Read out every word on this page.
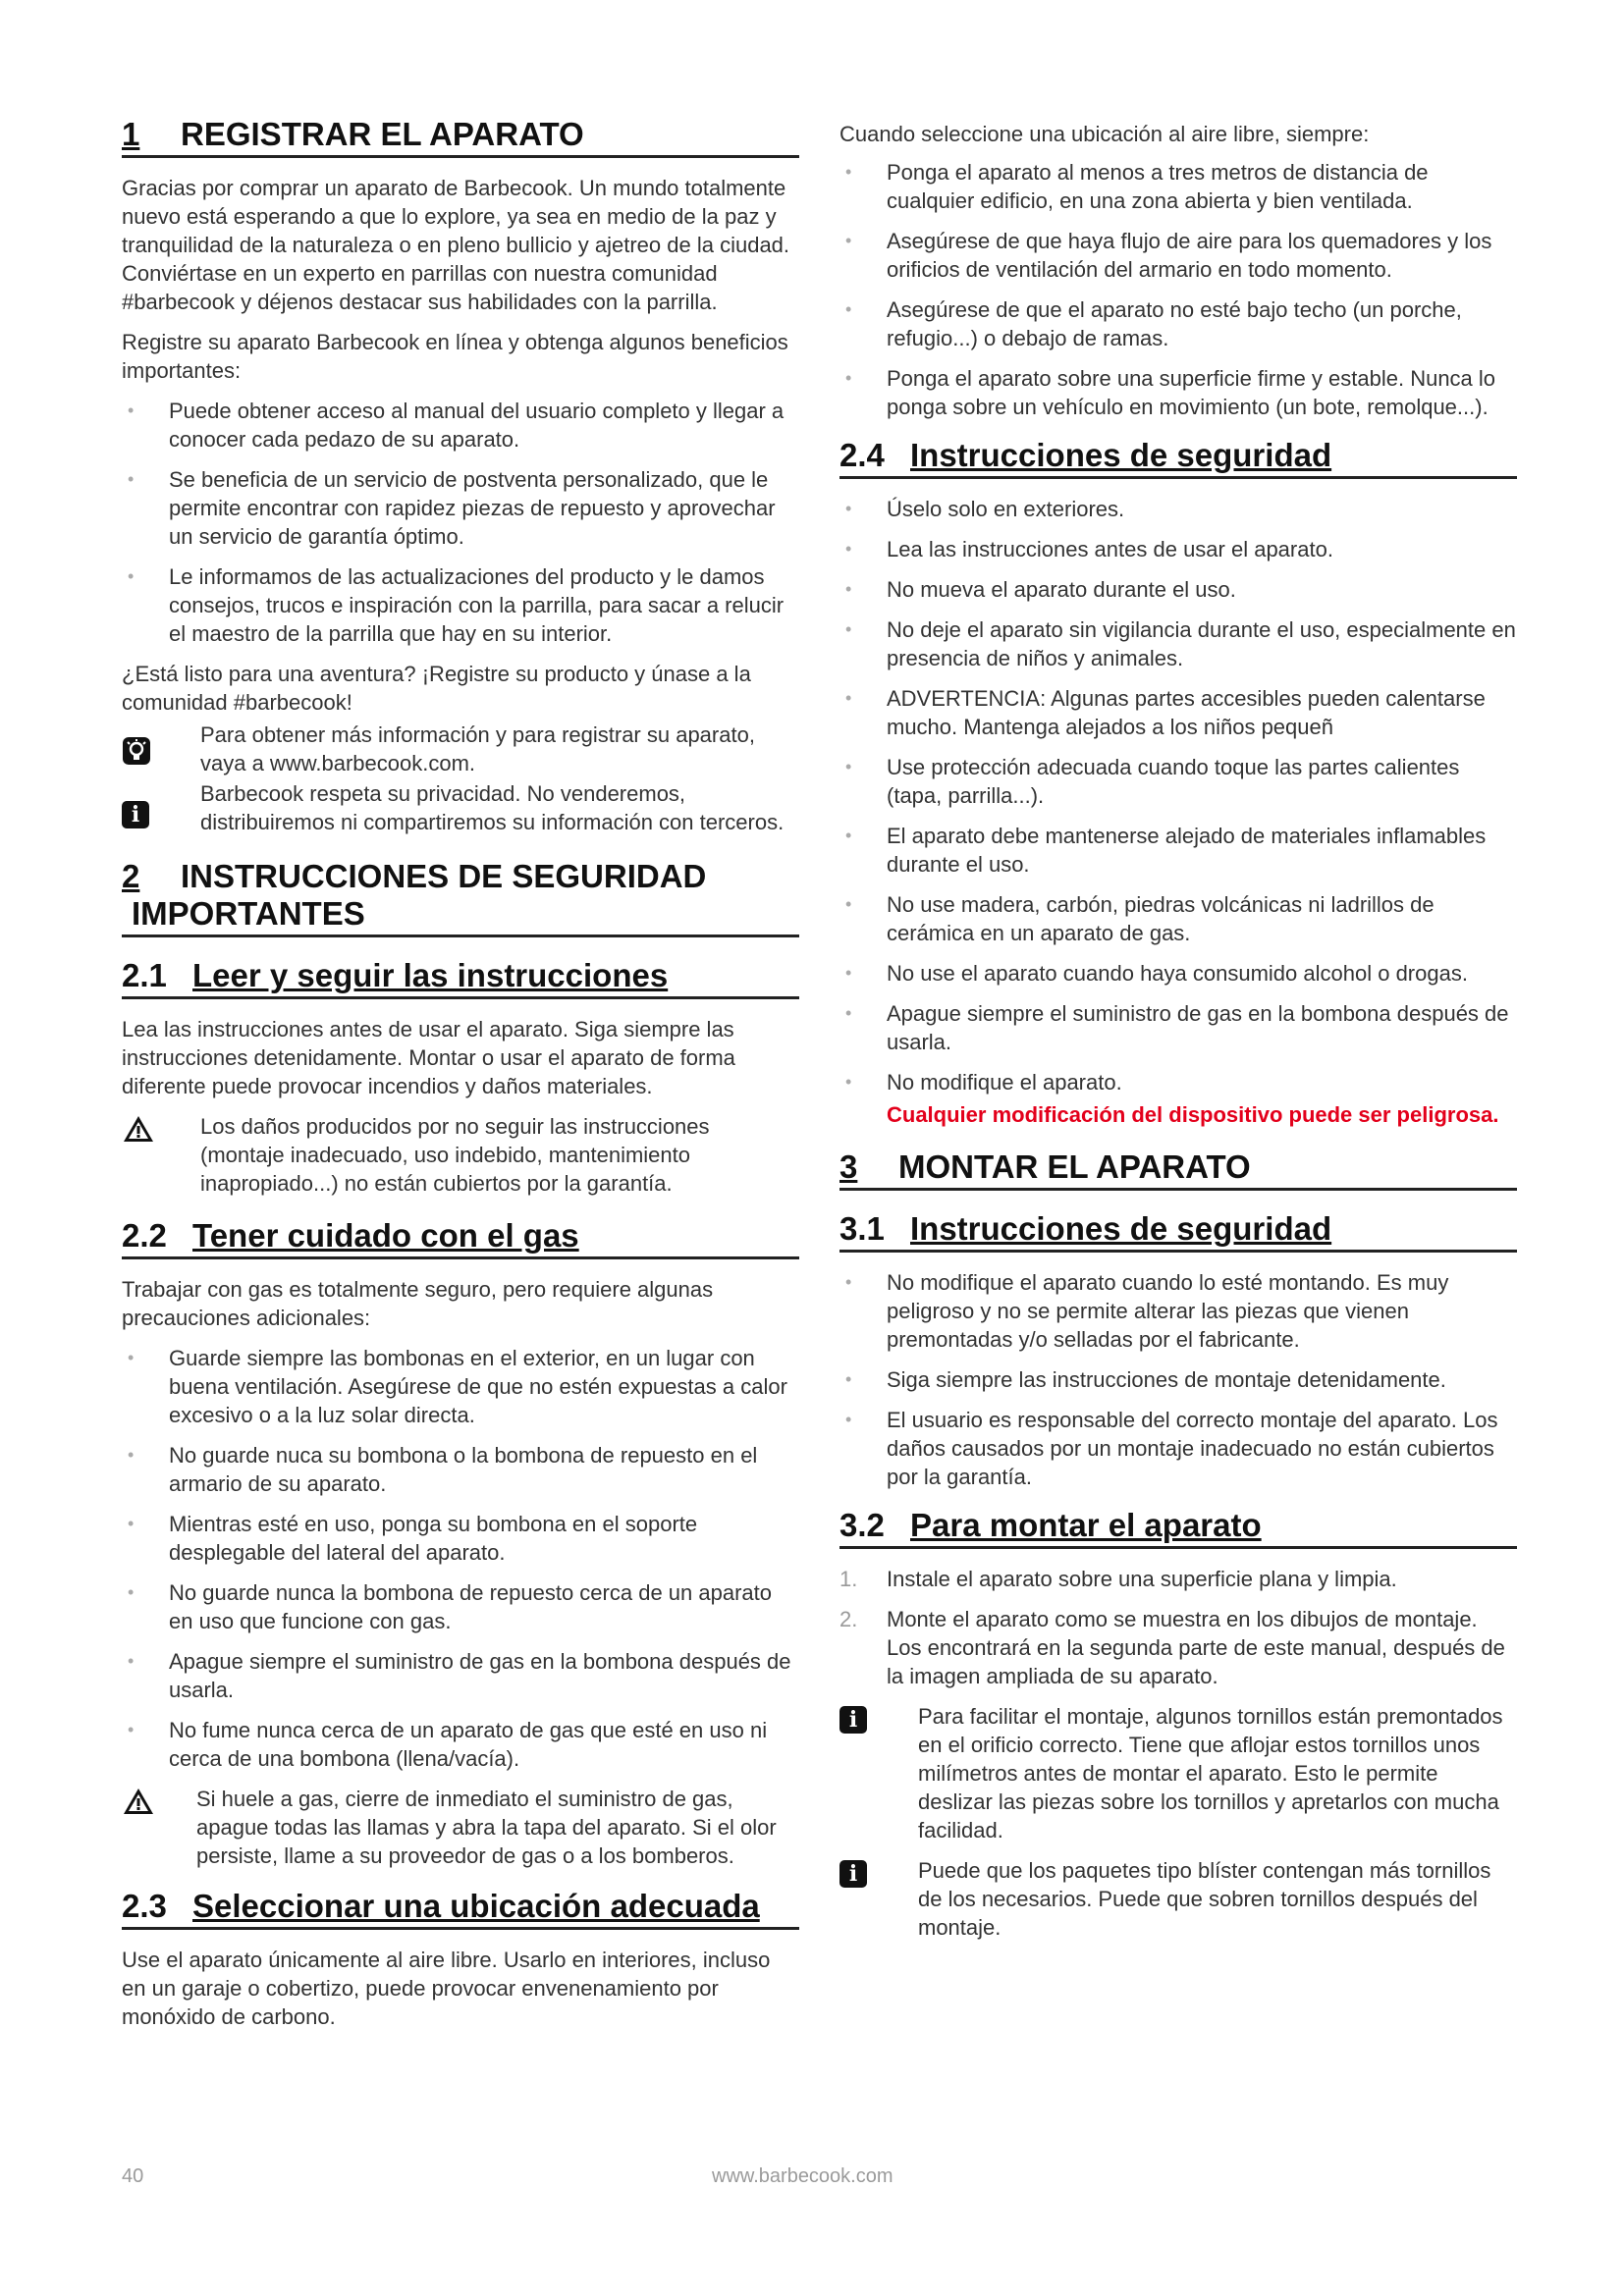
1	REGISTRAR EL APARATO

Gracias por comprar un aparato de Barbecook. Un mundo totalmente nuevo está esperando a que lo explore, ya sea en medio de la paz y tranquilidad de la naturaleza o en pleno bullicio y ajetreo de la ciudad. Conviértase en un experto en parrillas con nuestra comunidad #barbecook y déjenos destacar sus habilidades con la parrilla.

Registre su aparato Barbecook en línea y obtenga algunos beneficios importantes:

• Puede obtener acceso al manual del usuario completo y llegar a conocer cada pedazo de su aparato.
• Se beneficia de un servicio de postventa personalizado, que le permite encontrar con rapidez piezas de repuesto y aprovechar un servicio de garantía óptimo.
• Le informamos de las actualizaciones del producto y le damos consejos, trucos e inspiración con la parrilla, para sacar a relucir el maestro de la parrilla que hay en su interior.

¿Está listo para una aventura? ¡Registre su producto y únase a la comunidad #barbecook!

Para obtener más información y para registrar su aparato, vaya a www.barbecook.com.

i

Barbecook respeta su privacidad. No venderemos, distribuiremos ni compartiremos su información con terceros.

2	INSTRUCCIONES DE SEGURIDAD
IMPORTANTES
2.1 Leer y seguir las instrucciones

Lea las instrucciones antes de usar el aparato. Siga siempre las instrucciones detenidamente. Montar o usar el aparato de forma diferente puede provocar incendios y daños materiales.

Los daños producidos por no seguir las instrucciones (montaje inadecuado, uso indebido, mantenimiento inapropiado...) no están cubiertos por la garantía.

2.2 Tener cuidado con el gas

Trabajar con gas es totalmente seguro, pero requiere algunas precauciones adicionales:

• Guarde siempre las bombonas en el exterior, en un lugar con buena ventilación. Asegúrese de que no estén expuestas a calor excesivo o a la luz solar directa.
• No guarde nuca su bombona o la bombona de repuesto en el armario de su aparato.
• Mientras esté en uso, ponga su bombona en el soporte desplegable del lateral del aparato.
• No guarde nunca la bombona de repuesto cerca de un aparato en uso que funcione con gas.
• Apague siempre el suministro de gas en la bombona después de usarla.
• No fume nunca cerca de un aparato de gas que esté en uso ni cerca de una bombona (llena/vacía).

Si huele a gas, cierre de inmediato el suministro de gas, apague todas las llamas y abra la tapa del aparato. Si el olor persiste, llame a su proveedor de gas o a los bomberos.

2.3 Seleccionar una ubicación adecuada

Use el aparato únicamente al aire libre. Usarlo en interiores, incluso en un garaje o cobertizo, puede provocar envenenamiento por monóxido de carbono.

Cuando seleccione una ubicación al aire libre, siempre:

• Ponga el aparato al menos a tres metros de distancia de cualquier edificio, en una zona abierta y bien ventilada.
• Asegúrese de que haya flujo de aire para los quemadores y los orificios de ventilación del armario en todo momento.
• Asegúrese de que el aparato no esté bajo techo (un porche, refugio...) o debajo de ramas.
• Ponga el aparato sobre una superficie firme y estable. Nunca lo ponga sobre un vehículo en movimiento (un bote, remolque...).
2.4 Instrucciones de seguridad
• Úselo solo en exteriores.
• Lea las instrucciones antes de usar el aparato.
• No mueva el aparato durante el uso.
• No deje el aparato sin vigilancia durante el uso, especialmente en presencia de niños y animales.
• ADVERTENCIA: Algunas partes accesibles pueden calentarse mucho. Mantenga alejados a los niños pequeñ
• Use protección adecuada cuando toque las partes calientes (tapa, parrilla...).
• El aparato debe mantenerse alejado de materiales inflamables durante el uso.
• No use madera, carbón, piedras volcánicas ni ladrillos de cerámica en un aparato de gas.
• No use el aparato cuando haya consumido alcohol o drogas.
• Apague siempre el suministro de gas en la bombona después de usarla.
• No modifique el aparato.

Cualquier modificación del dispositivo puede ser peligrosa.

3	MONTAR EL APARATO
3.1 Instrucciones de seguridad
• No modifique el aparato cuando lo esté montando. Es muy peligroso y no se permite alterar las piezas que vienen premontadas y/o selladas por el fabricante.
• Siga siempre las instrucciones de montaje detenidamente.
• El usuario es responsable del correcto montaje del aparato. Los daños causados por un montaje inadecuado no están cubiertos por la garantía.
3.2 Para montar el aparato
1. Instale el aparato sobre una superficie plana y limpia.
2. Monte el aparato como se muestra en los dibujos de montaje. Los encontrará en la segunda parte de este manual, después de la imagen ampliada de su aparato.
i	Para facilitar el montaje, algunos tornillos están premontados en el orificio correcto. Tiene que aflojar estos tornillos unos milímetros antes de montar el aparato. Esto le permite deslizar las piezas sobre los tornillos y apretarlos con mucha facilidad.

i	Puede que los paquetes tipo blíster contengan más tornillos de los necesarios. Puede que sobren tornillos después del montaje.

40	www.barbecook.com
